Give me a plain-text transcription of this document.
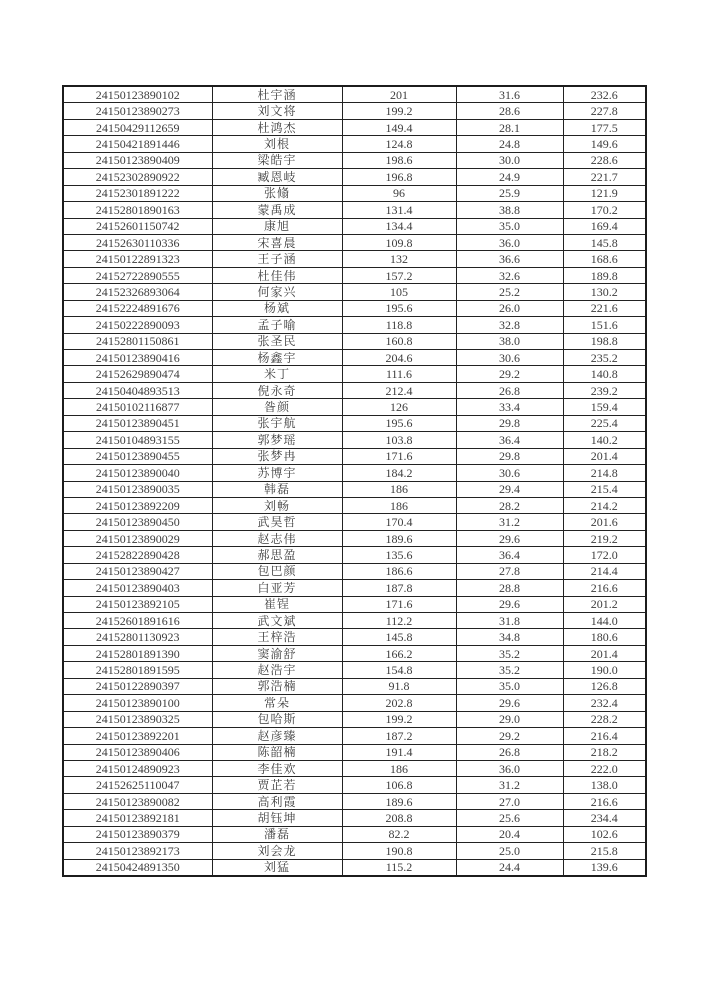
24150123890102	杜宇涵	201	31.6	232.6
24150123890273	刘文将	199.2	28.6	227.8
24150429112659	杜鸿杰	149.4	28.1	177.5
24150421891446	刘根	124.8	24.8	149.6
24150123890409	梁皓宇	198.6	30.0	228.6
24152302890922	臧恩岐	196.8	24.9	221.7
24152301891222	张翛	96	25.9	121.9
24152801890163	蒙禹成	131.4	38.8	170.2
24152601150742	康旭	134.4	35.0	169.4
24152630110336	宋喜晨	109.8	36.0	145.8
24150122891323	王子涵	132	36.6	168.6
24152722890555	杜佳伟	157.2	32.6	189.8
24152326893064	何家兴	105	25.2	130.2
24152224891676	杨斌	195.6	26.0	221.6
24150222890093	孟子喻	118.8	32.8	151.6
24152801150861	张圣民	160.8	38.0	198.8
24150123890416	杨鑫宇	204.6	30.6	235.2
24152629890474	米丁	111.6	29.2	140.8
24150404893513	倪永奇	212.4	26.8	239.2
24150102116877	昝颜	126	33.4	159.4
24150123890451	张宇航	195.6	29.8	225.4
24150104893155	郭梦瑶	103.8	36.4	140.2
24150123890455	张梦冉	171.6	29.8	201.4
24150123890040	苏博宇	184.2	30.6	214.8
24150123890035	韩磊	186	29.4	215.4
24150123892209	刘畅	186	28.2	214.2
24150123890450	武昊哲	170.4	31.2	201.6
24150123890029	赵志伟	189.6	29.6	219.2
24152822890428	郝思盈	135.6	36.4	172.0
24150123890427	包巴颜	186.6	27.8	214.4
24150123890403	白亚芳	187.8	28.8	216.6
24150123892105	崔锃	171.6	29.6	201.2
24152601891616	武文斌	112.2	31.8	144.0
24152801130923	王梓浩	145.8	34.8	180.6
24152801891390	窦渝舒	166.2	35.2	201.4
24152801891595	赵浩宇	154.8	35.2	190.0
24150122890397	郭浩楠	91.8	35.0	126.8
24150123890100	常朵	202.8	29.6	232.4
24150123890325	包哈斯	199.2	29.0	228.2
24150123892201	赵彦臻	187.2	29.2	216.4
24150123890406	陈韶楠	191.4	26.8	218.2
24150124890923	李佳欢	186	36.0	222.0
24152625110047	贾芷若	106.8	31.2	138.0
24150123890082	高利霞	189.6	27.0	216.6
24150123892181	胡钰坤	208.8	25.6	234.4
24150123890379	潘磊	82.2	20.4	102.6
24150123892173	刘会龙	190.8	25.0	215.8
24150424891350	刘猛	115.2	24.4	139.6
